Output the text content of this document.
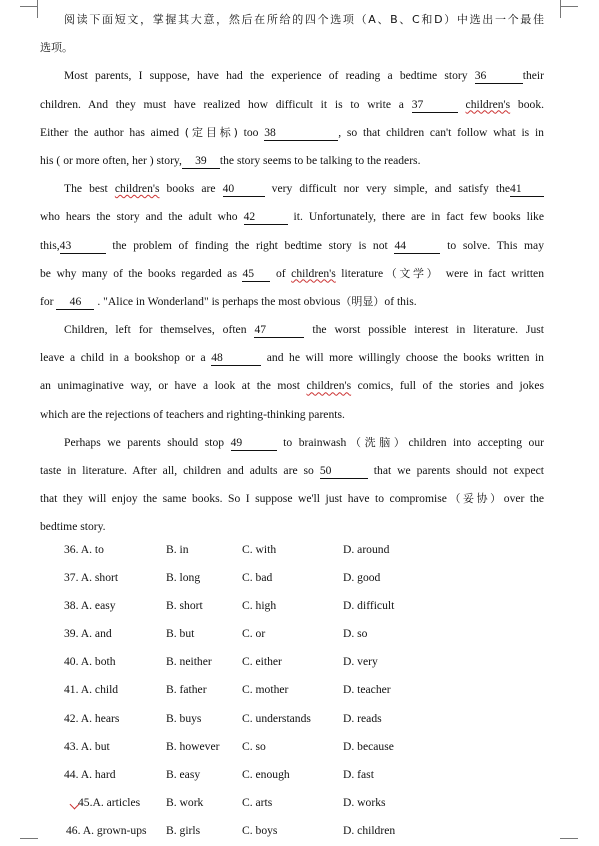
阅读下面短文，掌握其大意，然后在所给的四个选项（A、B、C和D）中选出一个最佳
选项。
Most parents, I suppose, have had the experience of reading a bedtime story 36	their
children. And they must have realized how difficult it is to write a 37	children's book.
Either the author has aimed (定目标) too 38	, so that children can't follow what is in
his ( or more often, her ) story, 39 the story seems to be talking to the readers.
The best children's books are 40	very difficult nor very simple, and satisfy the41
who hears the story and the adult who 42	it. Unfortunately, there are in fact few books like
this,43	the problem of finding the right bedtime story is not 44	to solve. This may
be why many of the books regarded as 45 of children's literature（文学） were in fact written
for 46 . "Alice in Wonderland" is perhaps the most obvious（明显）of this.
Children, left for themselves, often 47	the worst possible interest in literature. Just
leave a child in a bookshop or a 48	and he will more willingly choose the books written in
an unimaginative way, or have a look at the most children's comics, full of the stories and jokes
which are the rejections of teachers and righting-thinking parents.
Perhaps we parents should stop 49	to brainwash（洗脑）children into accepting our
taste in literature. After all, children and adults are so 50	that we parents should not expect
that they will enjoy the same books. So I suppose we'll just have to compromise（妥协）over the
bedtime story.
36. A. to	B. in	C. with	D. around
37. A. short	B. long	C. bad	D. good
38. A. easy	B. short	C. high	D. difficult
39. A. and	B. but	C. or	D. so
40. A. both	B. neither	C. either	D. very
41. A. child	B. father	C. mother	D. teacher
42. A. hears	B. buys	C. understands	D. reads
43. A. but	B. however C. so	D. because
44. A. hard	B. easy	C. enough	D. fast
45.A. articles B. work	C. arts	D. works
46. A. grown-ups B. girls	C. boys	D. children
